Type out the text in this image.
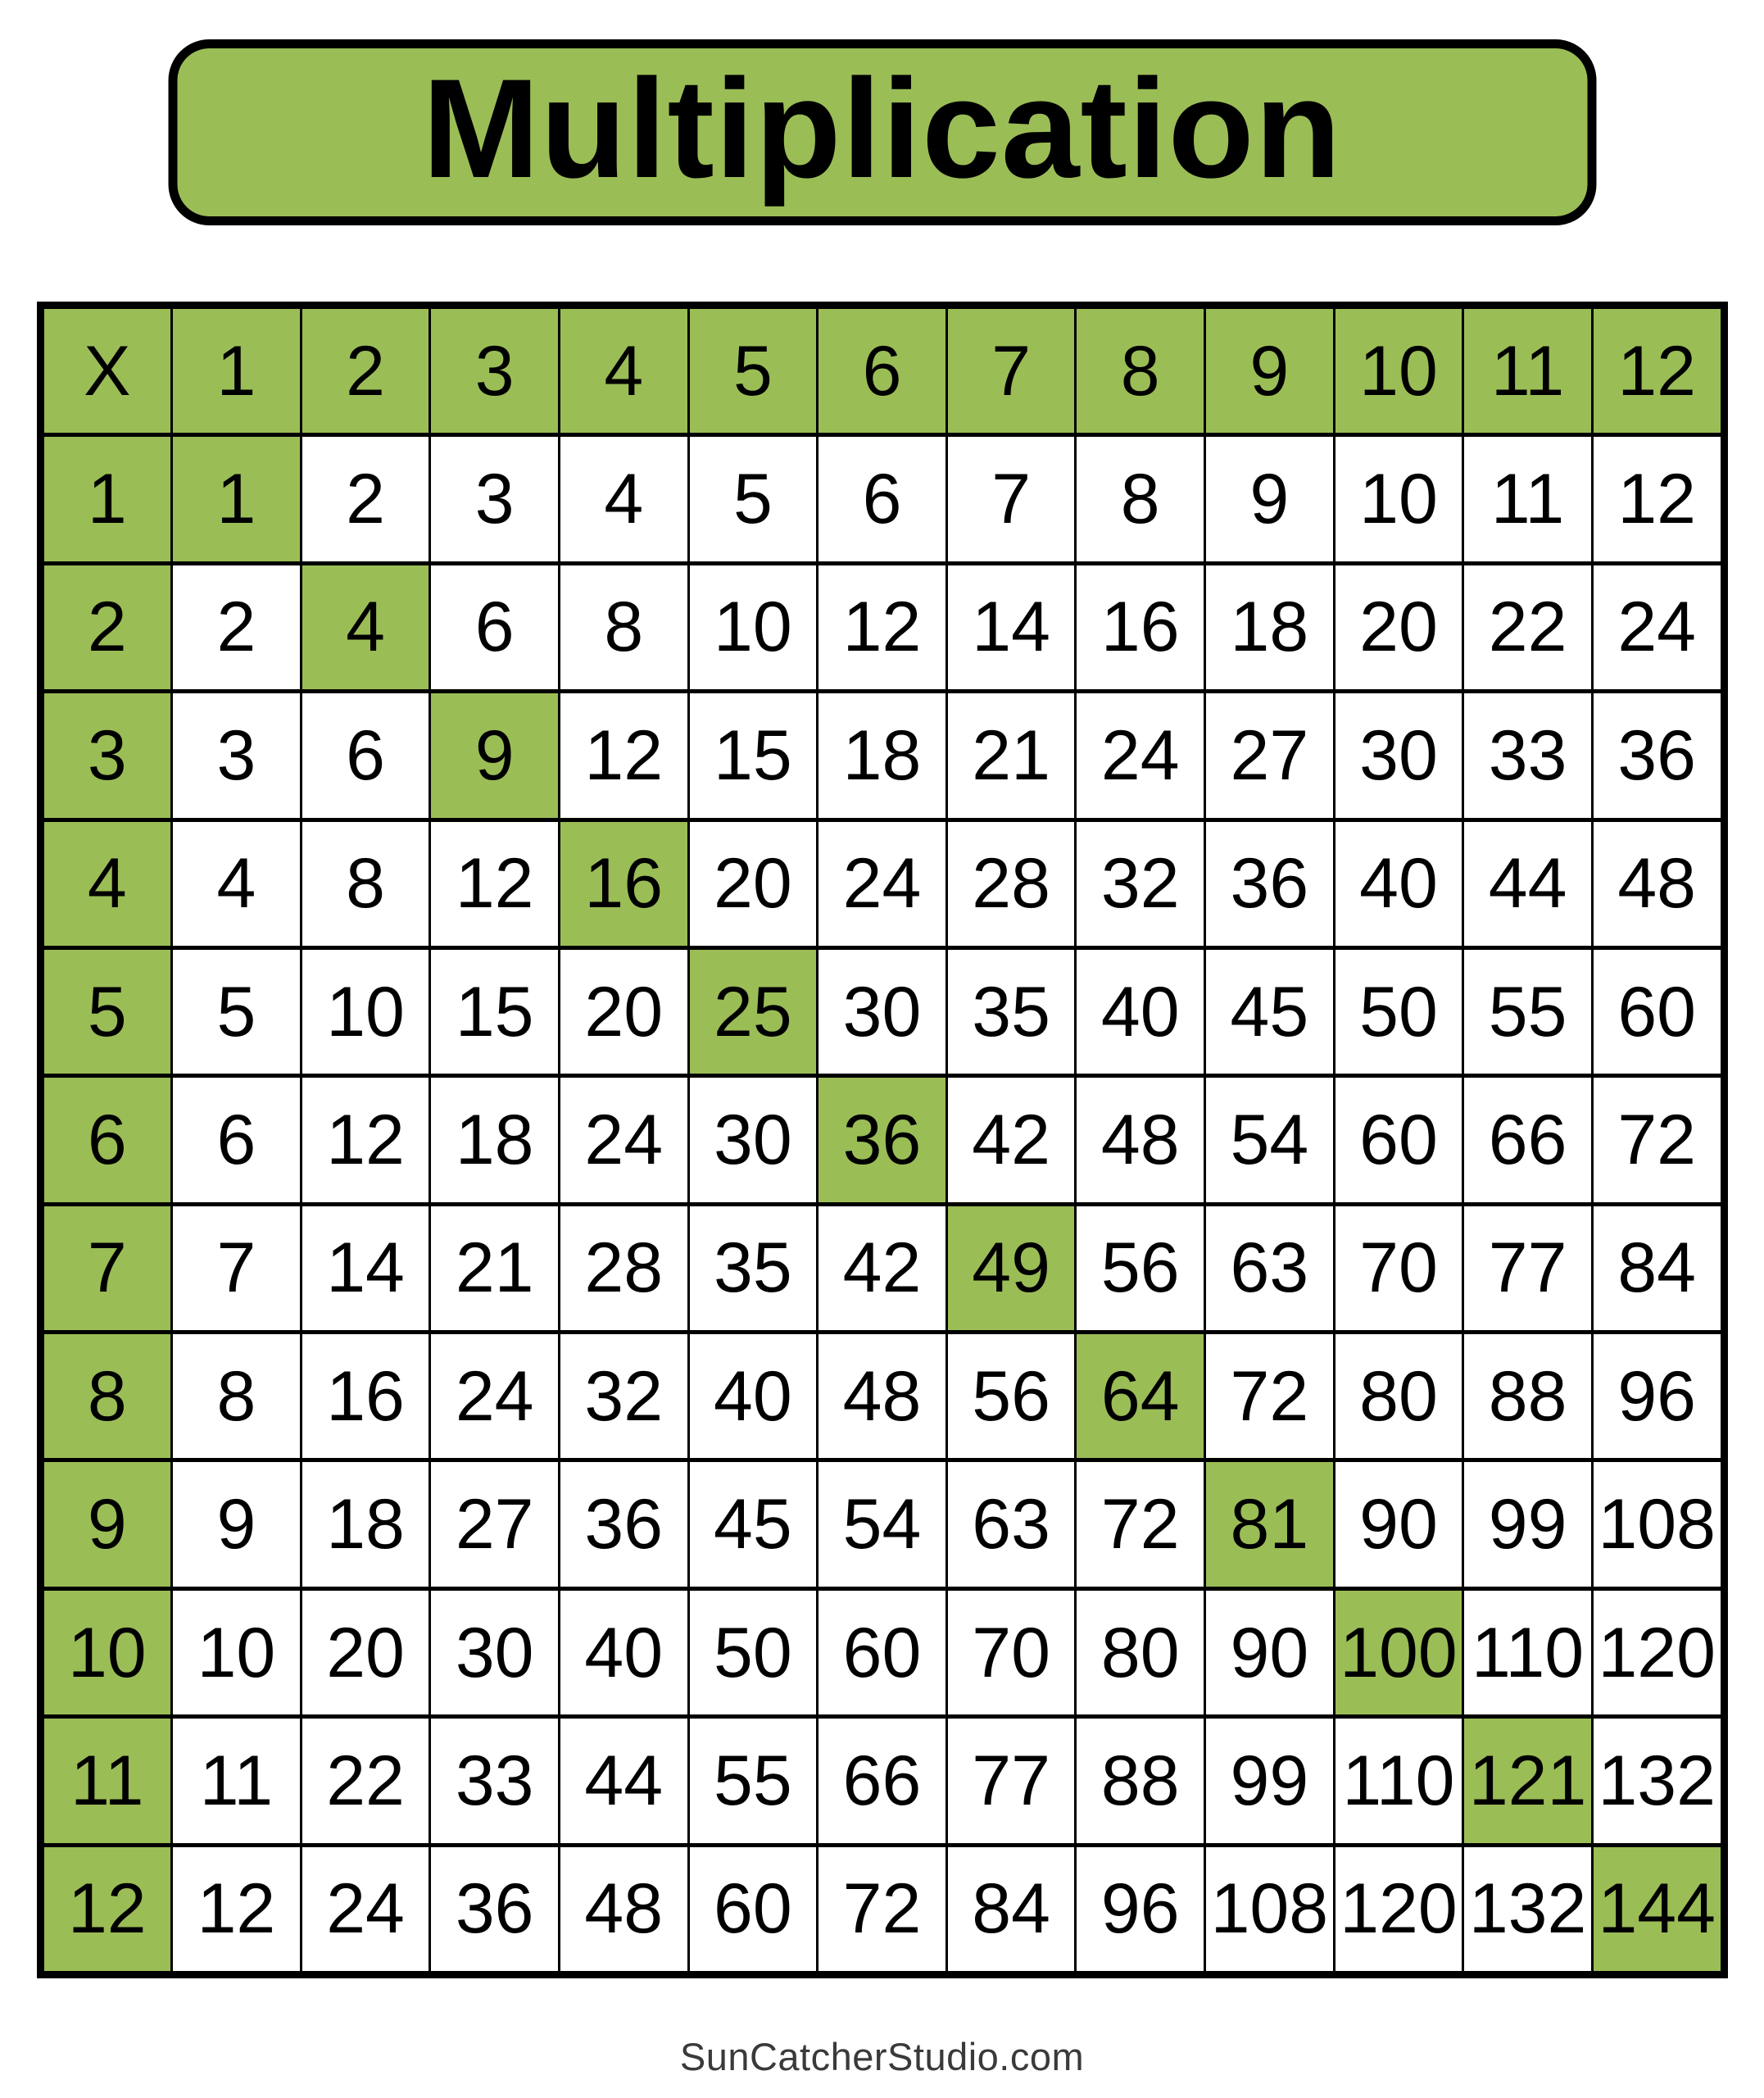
Multiplication
X	1	2	3	4	5	6	7	8	9 10 11 12
1	1	2	3	4	5	6	7	8	9 10 11 12
2	2	4	6	8 10 12 14 16 18 20 22 24
3	3	6	9 12 15 18 21 24 27 30 33 36
4	4	8 12 16 20 24 28 32 36 40 44 48
5	5 10 15 20 25 30 35 40 45 50 55 60
6	6 12 18 24 30 36 42 48 54 60 66 72
7	7 14 21 28 35 42 49 56 63 70 77 84
8	8 16 24 32 40 48 56 64 72 80 88 96
9	9 18 27 36 45 54 63 72 81 90 99 108
10 10 20 30 40 50 60 70 80 90 100 110 120
11 11 22 33 44 55 66 77 88 99 110 121 132
12 12 24 36 48 60 72 84 96 108 120 132 144
SunCatcherStudio.com
